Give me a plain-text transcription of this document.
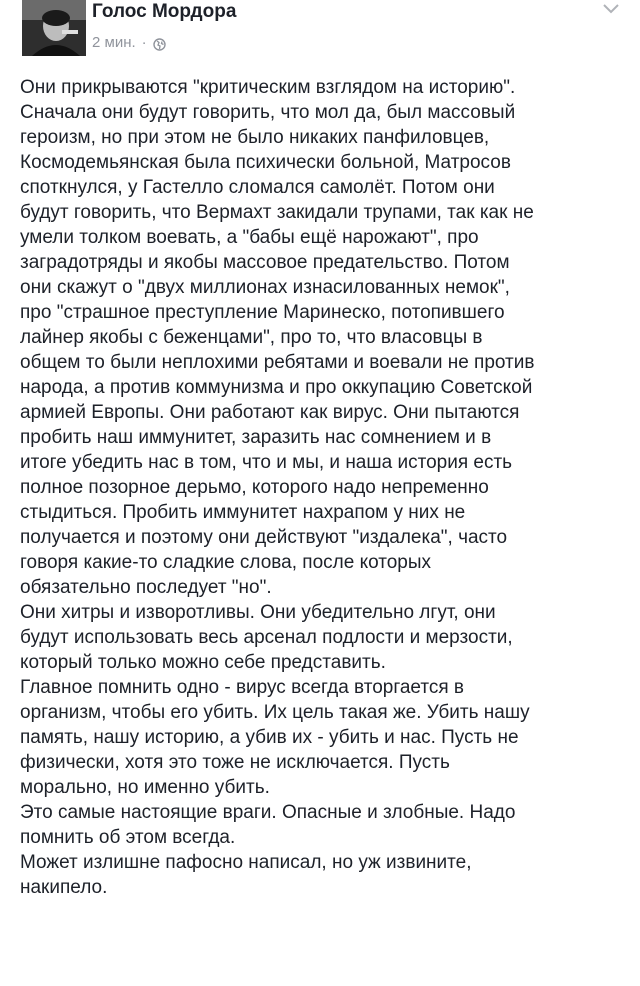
Голос Мордора
2 мин. ·

Они прикрываются "критическим взглядом на историю".
Сначала они будут говорить, что мол да, был массовый
героизм, но при этом не было никаких панфиловцев,
Космодемьянская была психически больной, Матросов
споткнулся, у Гастелло сломался самолёт. Потом они
будут говорить, что Вермахт закидали трупами, так как не
умели толком воевать, а "бабы ещё нарожают", про
заградотряды и якобы массовое предательство. Потом
они скажут о "двух миллионах изнасилованных немок",
про "страшное преступление Маринеско, потопившего
лайнер якобы с беженцами", про то, что власовцы в
общем то были неплохими ребятами и воевали не против
народа, а против коммунизма и про оккупацию Советской
армией Европы. Они работают как вирус. Они пытаются
пробить наш иммунитет, заразить нас сомнением и в
итоге убедить нас в том, что и мы, и наша история есть
полное позорное дерьмо, которого надо непременно
стыдиться. Пробить иммунитет нахрапом у них не
получается и поэтому они действуют "издалека", часто
говоря какие-то сладкие слова, после которых
обязательно последует "но".

Они хитры и изворотливы. Они убедительно лгут, они
будут использовать весь арсенал подлости и мерзости,
который только можно себе представить.

Главное помнить одно - вирус всегда вторгается в
организм, чтобы его убить. Их цель такая же. Убить нашу
память, нашу историю, а убив их - убить и нас. Пусть не
физически, хотя это тоже не исключается. Пусть
морально, но именно убить.

Это самые настоящие враги. Опасные и злобные. Надо
помнить об этом всегда.

Может излишне пафосно написал, но уж извините,
накипело.
